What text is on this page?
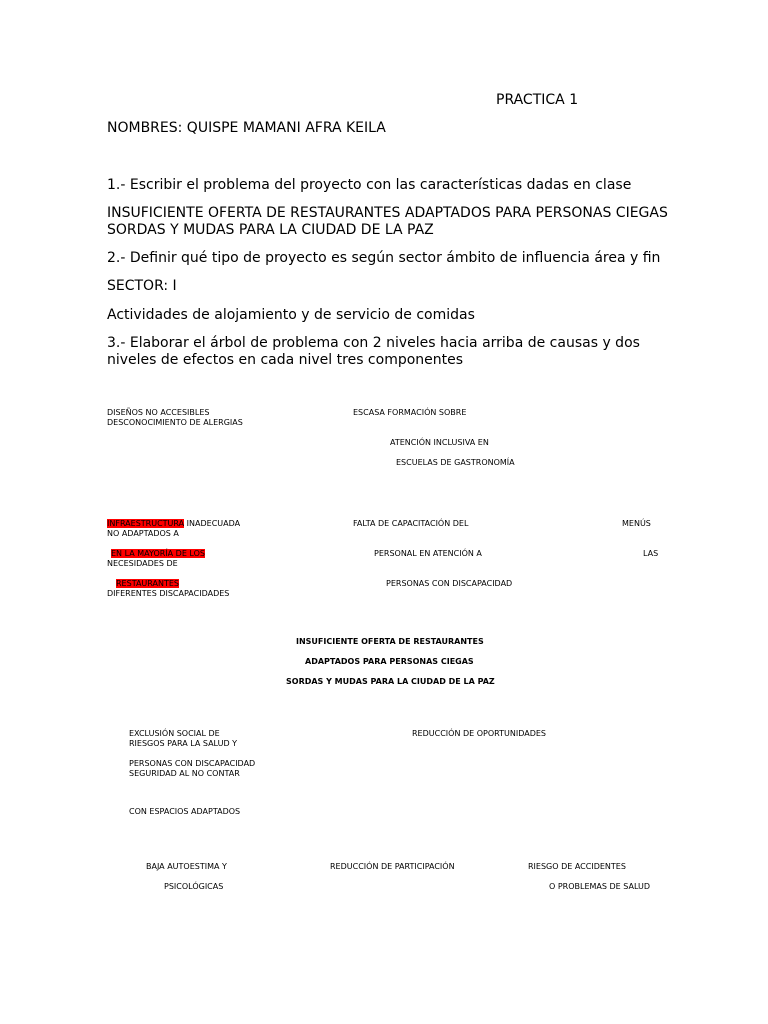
PRACTICA 1

NOMBRES: QUISPE MAMANI AFRA KEILA

1.- Escribir el problema del proyecto con las características dadas en clase

INSUFICIENTE OFERTA DE RESTAURANTES ADAPTADOS PARA PERSONAS CIEGAS

SORDAS Y MUDAS PARA LA CIUDAD DE LA PAZ

2.- Definir qué tipo de proyecto es según sector ámbito de influencia área y fin

SECTOR: I

Actividades de alojamiento y de servicio de comidas

3.- Elaborar el árbol de problema con 2 niveles hacia arriba de causas y dos

niveles de efectos en cada nivel tres componentes

DISEÑOS NO ACCESIBLES

DESCONOCIMIENTO DE ALERGIAS

ESCASA FORMACIÓN SOBRE

ATENCIÓN INCLUSIVA EN

ESCUELAS DE GASTRONOMÍA

INFRAESTRUCTURA INADECUADA

NO ADAPTADOS A

EN LA MAYORÍA DE LOS

NECESIDADES DE

RESTAURANTES

DIFERENTES DISCAPACIDADES

FALTA DE CAPACITACIÓN DEL

PERSONAL EN ATENCIÓN A

PERSONAS CON DISCAPACIDAD

MENÚS

LAS

INSUFICIENTE OFERTA DE RESTAURANTES

ADAPTADOS PARA PERSONAS CIEGAS

SORDAS Y MUDAS PARA LA CIUDAD DE LA PAZ

EXCLUSIÓN SOCIAL DE

RIESGOS PARA LA SALUD Y

PERSONAS CON DISCAPACIDAD

SEGURIDAD AL NO CONTAR

CON ESPACIOS ADAPTADOS

REDUCCIÓN DE OPORTUNIDADES

BAJA AUTOESTIMA Y

PSICOLÓGICAS

REDUCCIÓN DE PARTICIPACIÓN	RIESGO DE ACCIDENTES

O PROBLEMAS DE SALUD
